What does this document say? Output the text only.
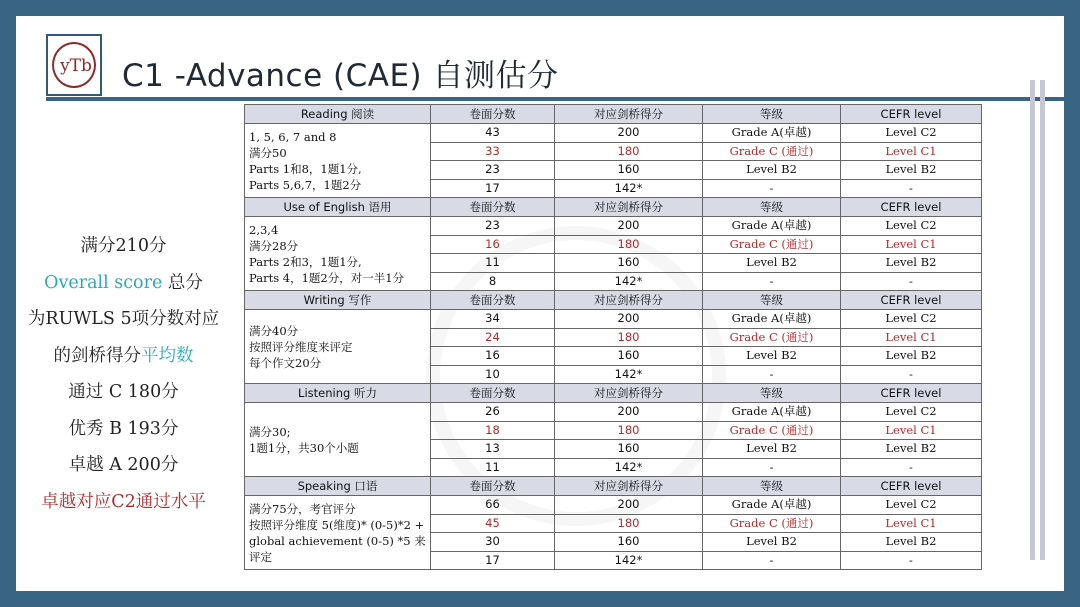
yTb C1 -Advance (CAE) 自测估分
满分210分
Overall score 总分
为RUWLS 5项分数对应
的剑桥得分平均数
通过 C 180分
优秀 B 193分
卓越 A 200分
卓越对应C2通过水平
Reading 阅读	卷面分数	对应剑桥得分	等级	CEFR level

1, 5, 6, 7 and 8
满分50
Parts 1和8，1题1分,
Parts 5,6,7，1题2分	43	200	Grade A(卓越)	Level C2
	33	180	Grade C (通过)	Level C1
	23	160	Level B2	Level B2
	17	142*	-	-
Use of English 语用	卷面分数	对应剑桥得分	等级	CEFR level

2,3,4
满分28分
Parts 2和3，1题1分,
Parts 4，1题2分，对一半1分	23	200	Grade A(卓越)	Level C2
	16	180	Grade C (通过)	Level C1
	11	160	Level B2	Level B2
	8	142*	-	-
Writing 写作	卷面分数	对应剑桥得分	等级	CEFR level

满分40分
按照评分维度来评定
每个作文20分	34	200	Grade A(卓越)	Level C2
	24	180	Grade C (通过)	Level C1
	16	160	Level B2	Level B2
	10	142*	-	-
Listening 听力	卷面分数	对应剑桥得分	等级	CEFR level

满分30;
1题1分，共30个小题	26	200	Grade A(卓越)	Level C2
	18	180	Grade C (通过)	Level C1
	13	160	Level B2	Level B2
	11	142*	-	-
Speaking 口语	卷面分数	对应剑桥得分	等级	CEFR level

满分75分，考官评分
按照评分维度 5(维度)* (0-5)*2 + global achievement (0-5) *5 来评定	66	200	Grade A(卓越)	Level C2
	45	180	Grade C (通过)	Level C1
	30	160	Level B2	Level B2
	17	142*	-	-
